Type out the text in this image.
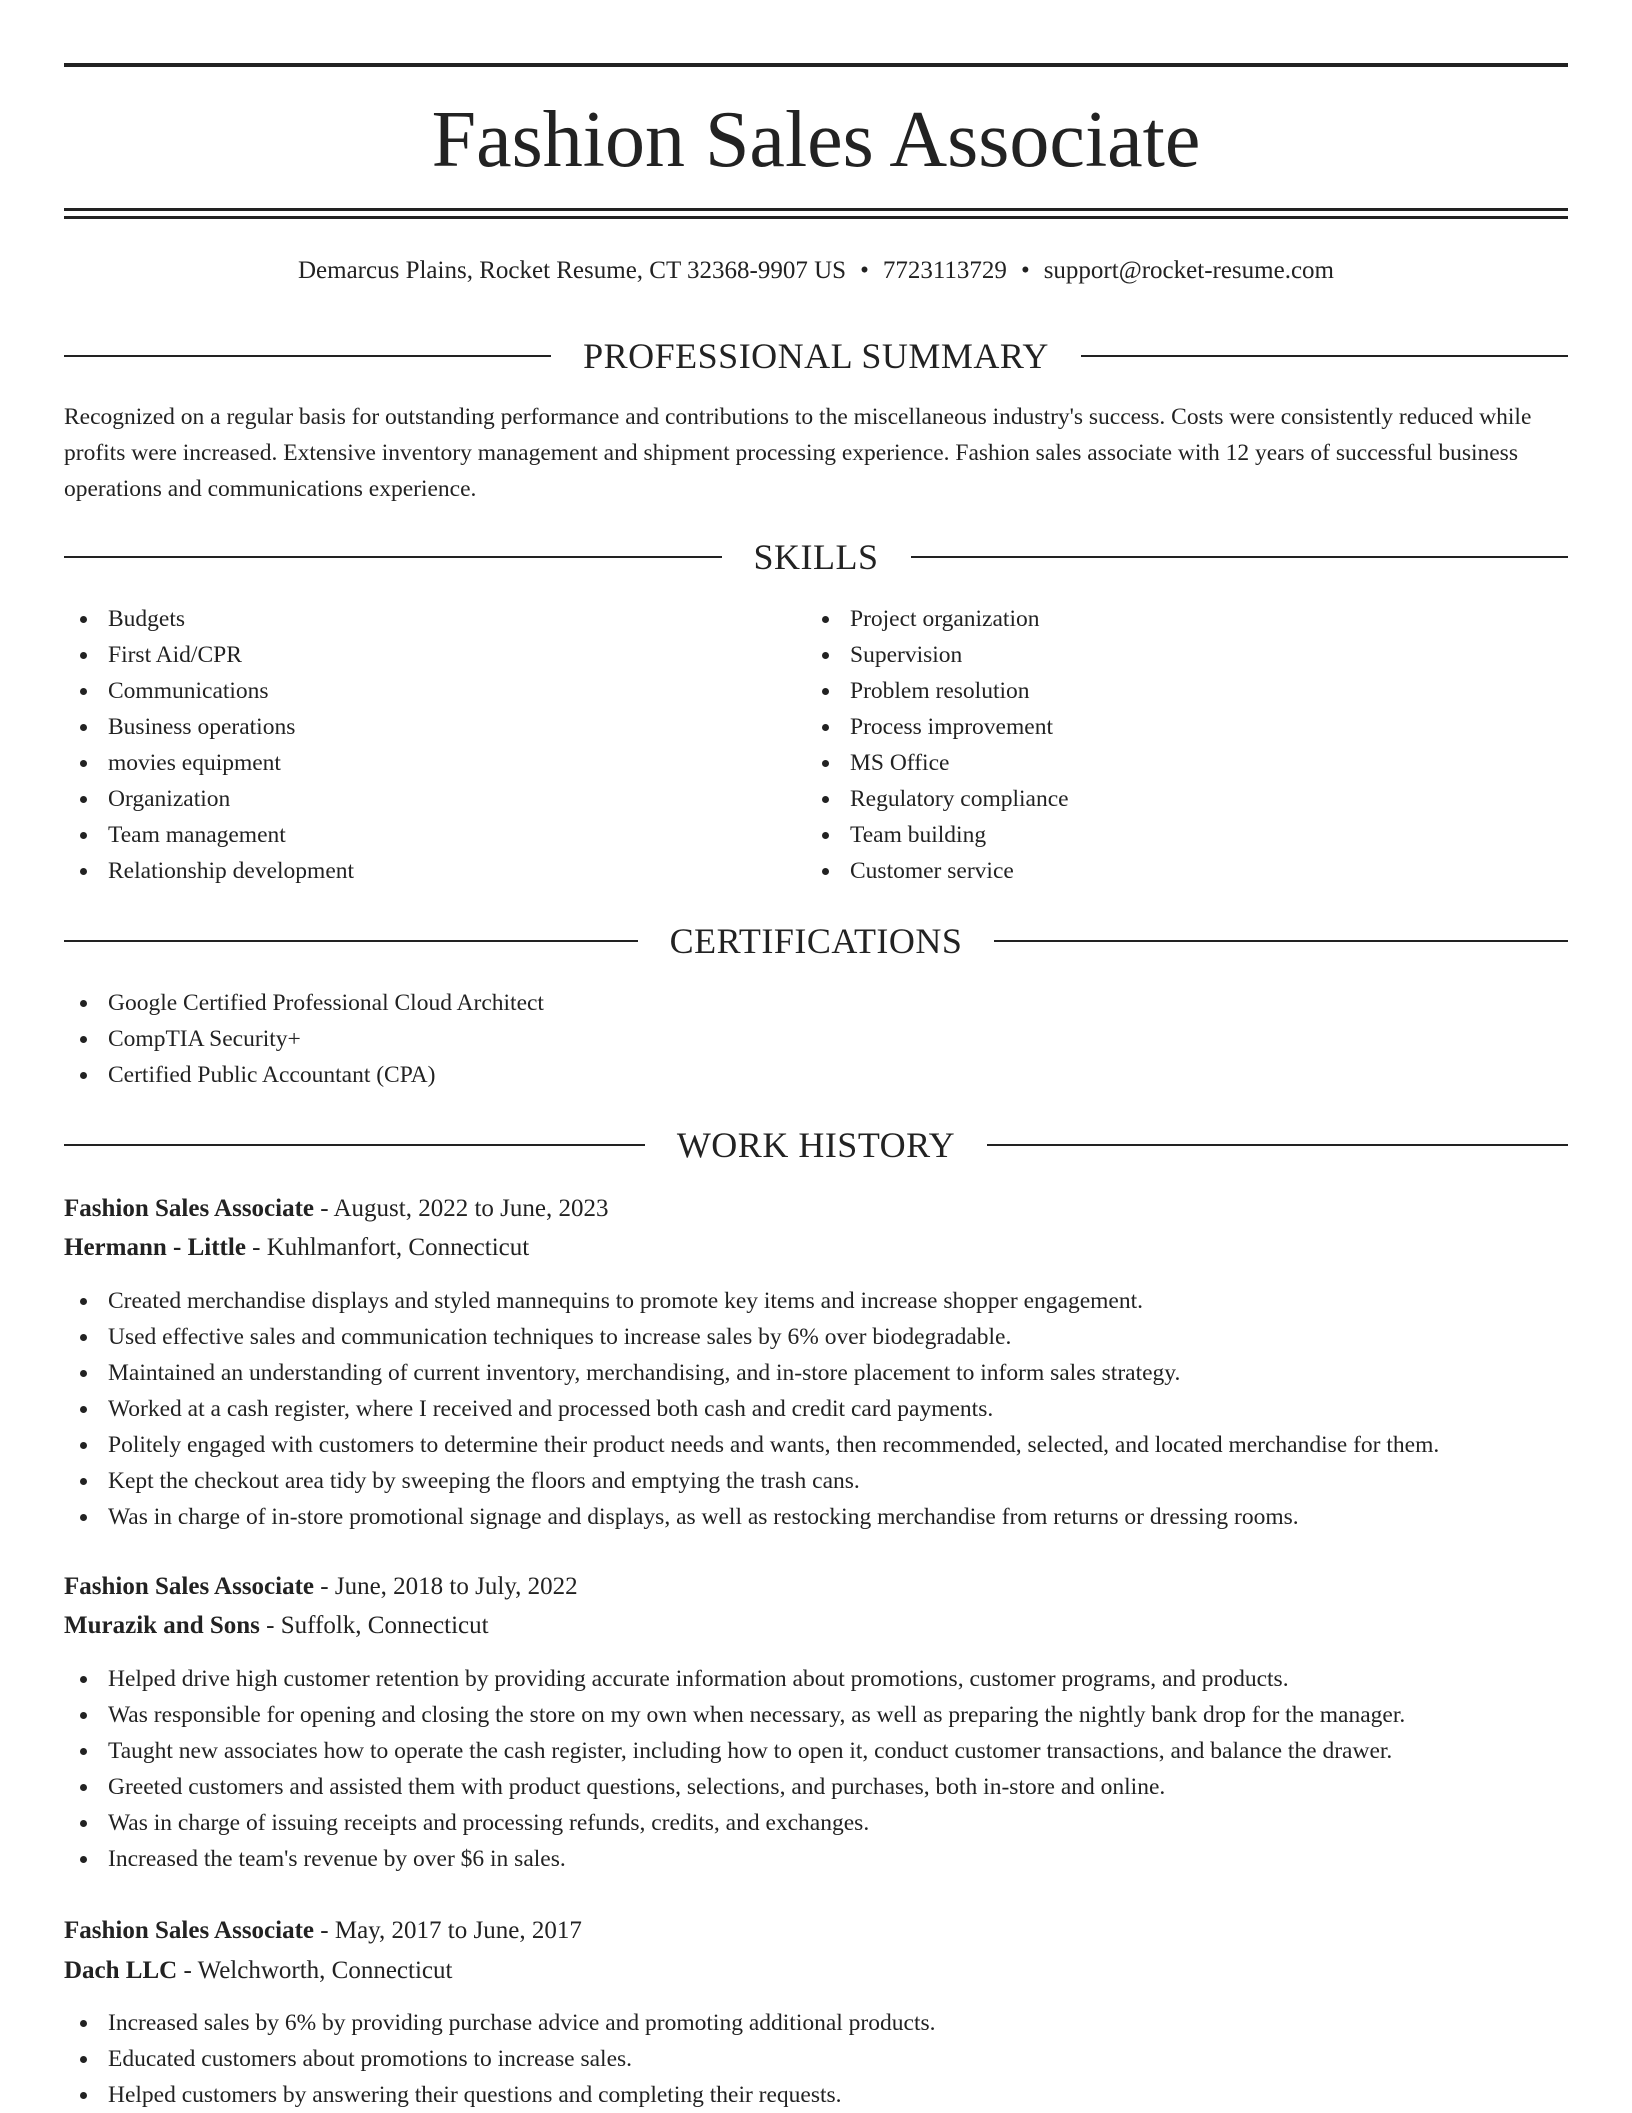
Fashion Sales Associate
Demarcus Plains, Rocket Resume, CT 32368-9907 US • 7723113729 • support@rocket-resume.com
PROFESSIONAL SUMMARY

Recognized on a regular basis for outstanding performance and contributions to the miscellaneous industry's success. Costs were consistently reduced while profits were increased. Extensive inventory management and shipment processing experience. Fashion sales associate with 12 years of successful business operations and communications experience.

SKILLS
Budgets
First Aid/CPR
Communications
Business operations
movies equipment
Organization
Team management
Relationship development
Project organization
Supervision
Problem resolution
Process improvement
MS Office
Regulatory compliance
Team building
Customer service
CERTIFICATIONS
Google Certified Professional Cloud Architect
CompTIA Security+
Certified Public Accountant (CPA)
WORK HISTORY
Fashion Sales Associate - August, 2022 to June, 2023
Hermann - Little - Kuhlmanfort, Connecticut
Created merchandise displays and styled mannequins to promote key items and increase shopper engagement.
Used effective sales and communication techniques to increase sales by 6% over biodegradable.
Maintained an understanding of current inventory, merchandising, and in-store placement to inform sales strategy.
Worked at a cash register, where I received and processed both cash and credit card payments.
Politely engaged with customers to determine their product needs and wants, then recommended, selected, and located merchandise for them.
Kept the checkout area tidy by sweeping the floors and emptying the trash cans.
Was in charge of in-store promotional signage and displays, as well as restocking merchandise from returns or dressing rooms.
Fashion Sales Associate - June, 2018 to July, 2022
Murazik and Sons - Suffolk, Connecticut
Helped drive high customer retention by providing accurate information about promotions, customer programs, and products.
Was responsible for opening and closing the store on my own when necessary, as well as preparing the nightly bank drop for the manager.
Taught new associates how to operate the cash register, including how to open it, conduct customer transactions, and balance the drawer.
Greeted customers and assisted them with product questions, selections, and purchases, both in-store and online.
Was in charge of issuing receipts and processing refunds, credits, and exchanges.
Increased the team's revenue by over $6 in sales.
Fashion Sales Associate - May, 2017 to June, 2017
Dach LLC - Welchworth, Connecticut
Increased sales by 6% by providing purchase advice and promoting additional products.
Educated customers about promotions to increase sales.
Helped customers by answering their questions and completing their requests.
